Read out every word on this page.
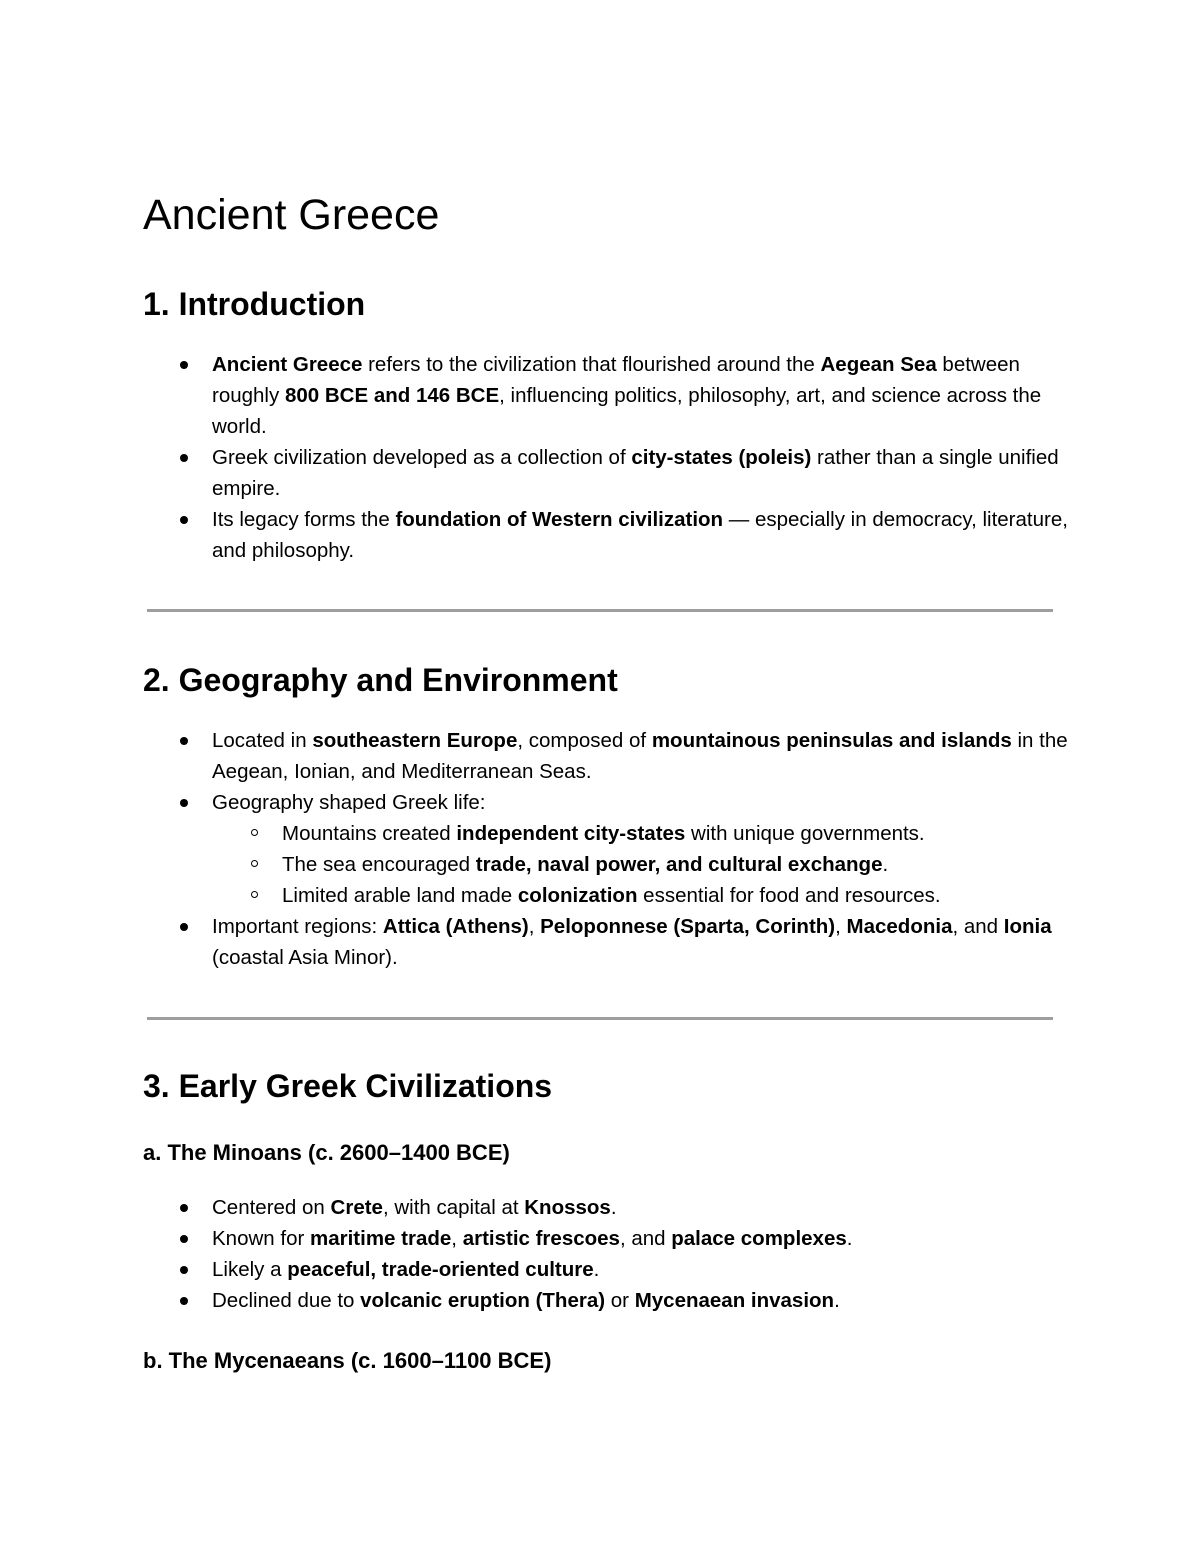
Ancient Greece
1. Introduction
Ancient Greece refers to the civilization that flourished around the Aegean Sea between roughly 800 BCE and 146 BCE, influencing politics, philosophy, art, and science across the world.
Greek civilization developed as a collection of city-states (poleis) rather than a single unified empire.
Its legacy forms the foundation of Western civilization — especially in democracy, literature, and philosophy.
2. Geography and Environment
Located in southeastern Europe, composed of mountainous peninsulas and islands in the Aegean, Ionian, and Mediterranean Seas.
Geography shaped Greek life:
Mountains created independent city-states with unique governments.
The sea encouraged trade, naval power, and cultural exchange.
Limited arable land made colonization essential for food and resources.
Important regions: Attica (Athens), Peloponnese (Sparta, Corinth), Macedonia, and Ionia (coastal Asia Minor).
3. Early Greek Civilizations
a. The Minoans (c. 2600–1400 BCE)
Centered on Crete, with capital at Knossos.
Known for maritime trade, artistic frescoes, and palace complexes.
Likely a peaceful, trade-oriented culture.
Declined due to volcanic eruption (Thera) or Mycenaean invasion.
b. The Mycenaeans (c. 1600–1100 BCE)
